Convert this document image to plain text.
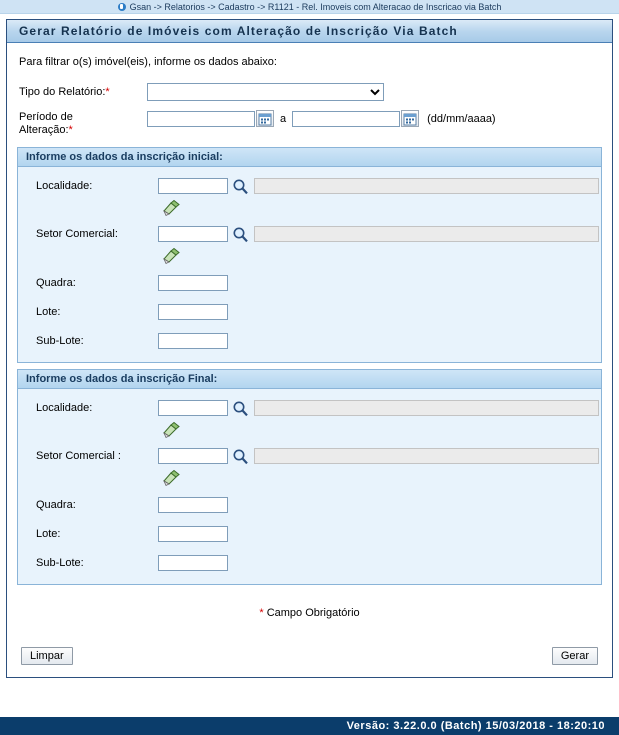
Gsan -> Relatorios -> Cadastro -> R1121 - Rel. Imoveis com Alteracao de Inscricao via Batch
Gerar Relatório de Imóveis com Alteração de Inscrição Via Batch
Para filtrar o(s) imóvel(eis), informe os dados abaixo:
Tipo do Relatório:*
Período de
Alteração:*
a	(dd/mm/aaaa)
Informe os dados da inscrição inicial:
Localidade:
Setor Comercial:
Quadra:
Lote:
Sub-Lote:
Informe os dados da inscrição Final:
Localidade:
Setor Comercial :
Quadra:
Lote:
Sub-Lote:
* Campo Obrigatório
Limpar	Gerar
Versão: 3.22.0.0 (Batch) 15/03/2018 - 18:20:10
